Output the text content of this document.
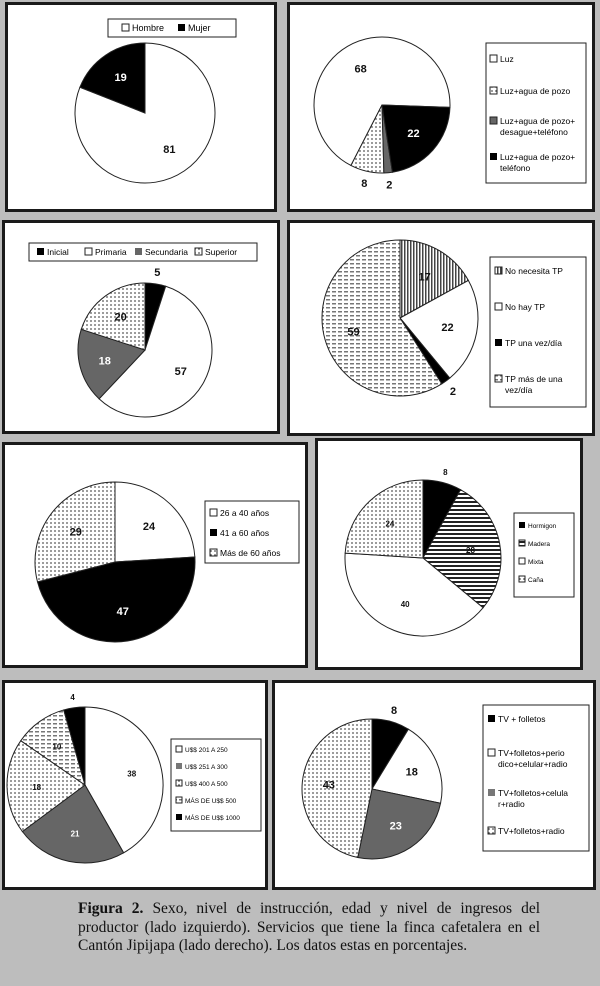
Hombre	Mujer
81
19
Luz
Luz+agua de pozo
Luz+agua de pozo+ desague+teléfono
Luz+agua de pozo+ teléfono
68
8 2
22
Inicial	Primaria Secundaria Superior
5
57
18
20
No necesita TP
No hay TP
TP una vez/día
TP más de una vez/día
17
22
2
59
26 a 40 años
41 a 60 años
Más de 60 años
24
47
29
Hormigon
Madera
Mixta
Caña
8
28
40
24
U$$ 201 A 250
U$$ 251 A 300
U$$ 400 A 500
MÁS DE U$$ 500
MÁS DE U$$ 1000
38
21
18
10
4
TV + folletos
TV+folletos+perio dico+celular+radio
TV+folletos+celula r+radio
TV+folletos+radio
8
18
23
43
Figura 2. Sexo, nivel de instrucción, edad y nivel de ingresos del productor (lado izquierdo). Servicios que tiene la finca cafetalera en el Cantón Jipijapa (lado derecho). Los datos estas en porcentajes.
